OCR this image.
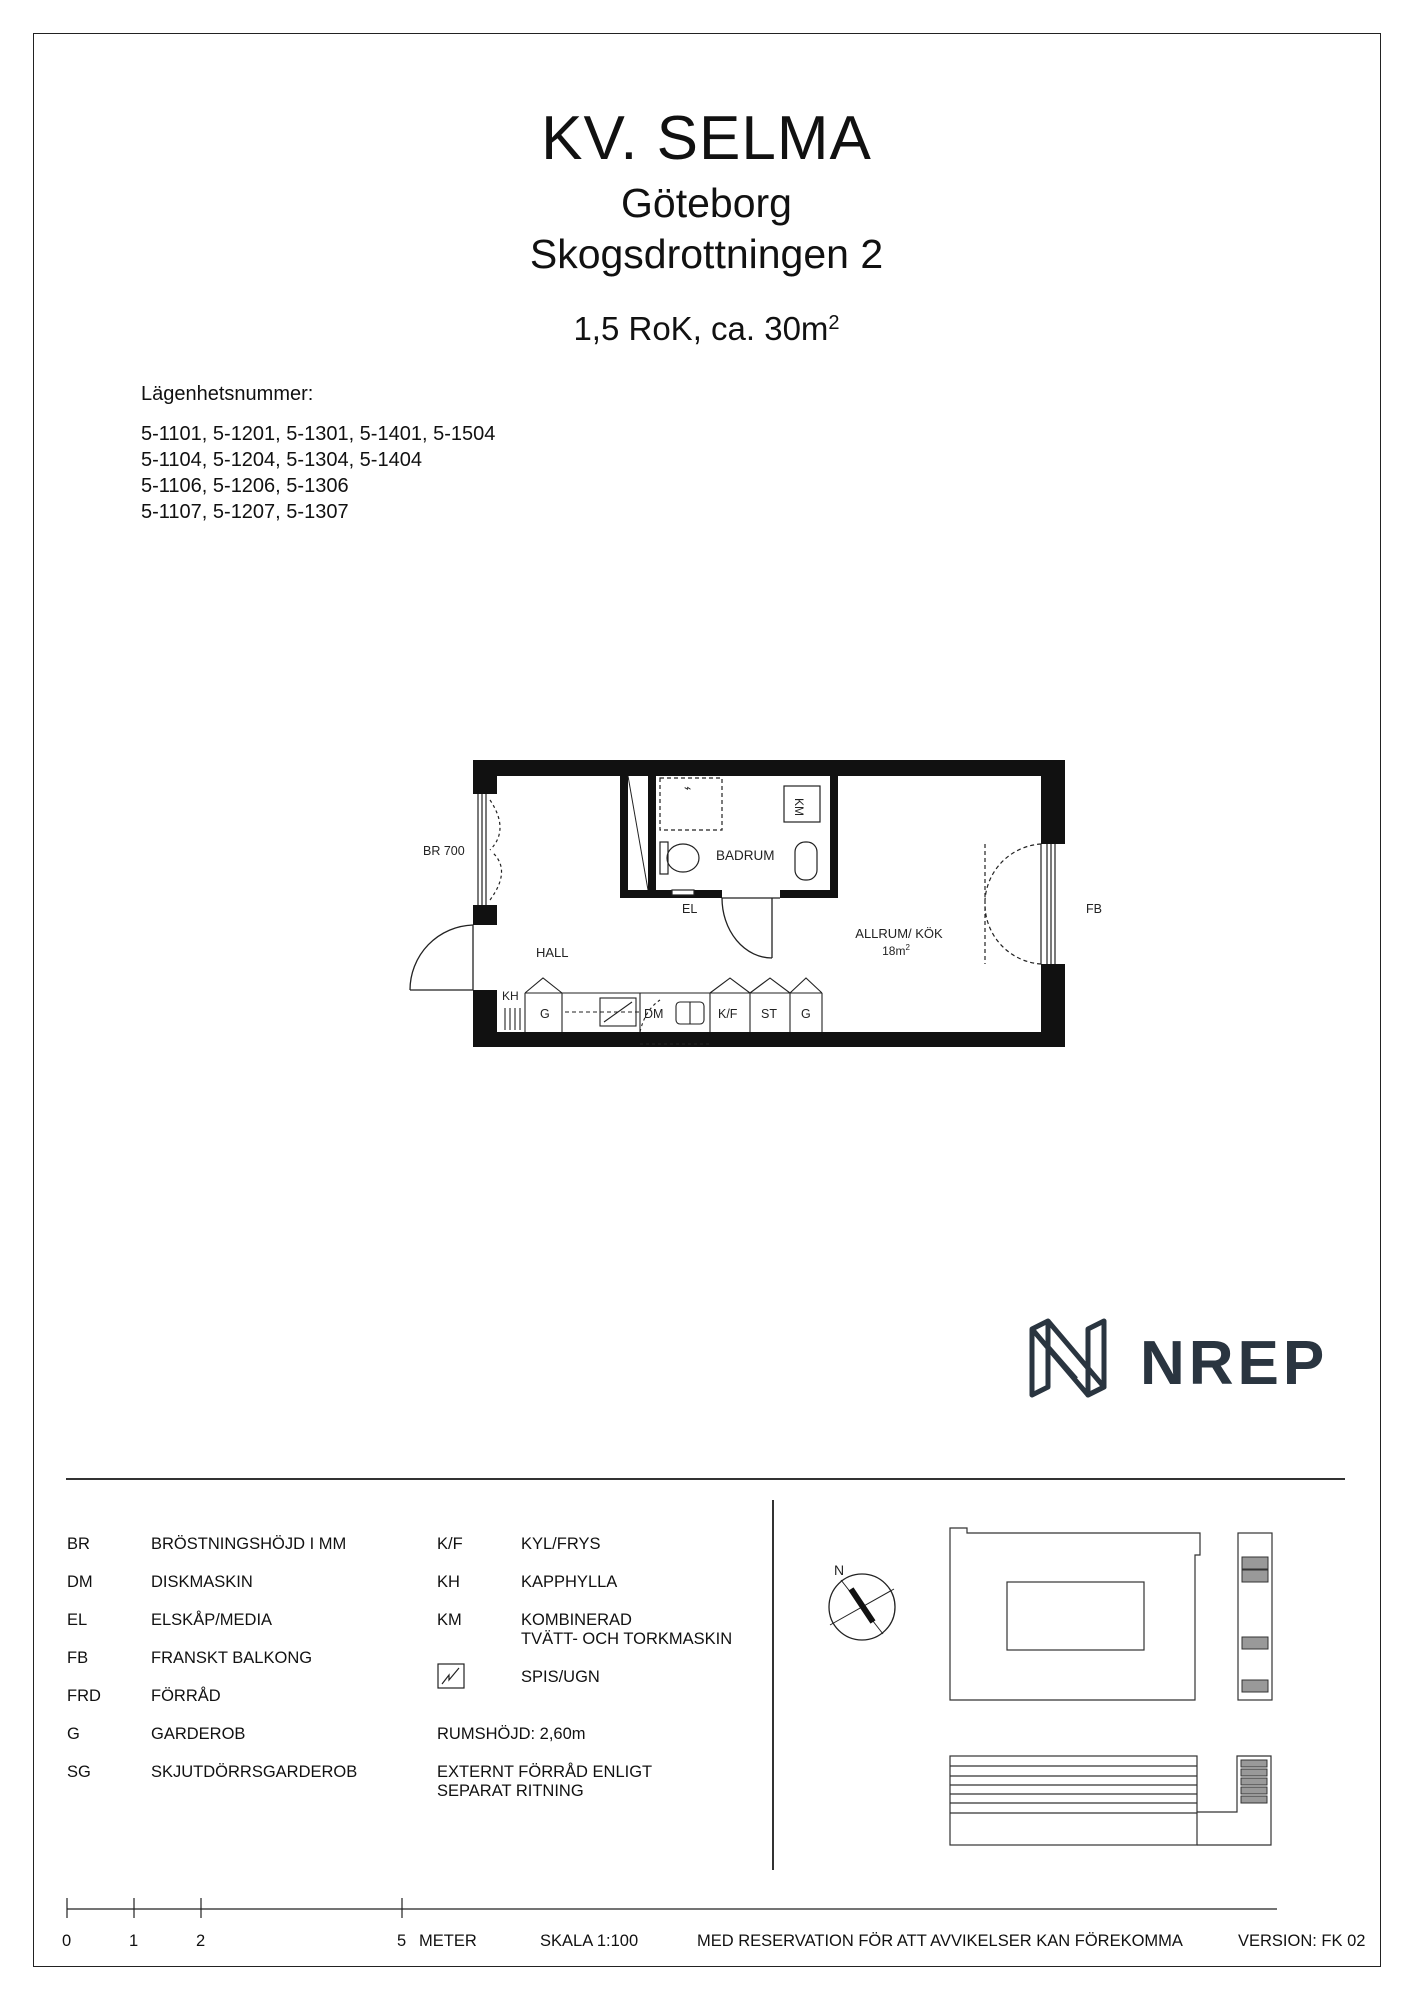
KV. SELMA
Göteborg
Skogsdrottningen 2
1,5 RoK, ca. $30m^2$
Lägenhetsnummer:
5-1101, 5-1201, 5-1301, 5-1401, 5-1504
5-1104, 5-1204, 5-1304, 5-1404
5-1106, 5-1206, 5-1306
5-1107, 5-1207, 5-1307
⌁
BR 700	BADRUM
KM
EL
HALL
ALLRUM/ KÖK
$18m^2$
FB
KH
G	DM	K/F ST G
NREP
BR	BRÖSTNINGSHÖJD I MM
DM	DISKMASKIN
EL	ELSKÅP/MEDIA
FB	FRANSKT BALKONG
FRD	FÖRRÅD
G	GARDEROB
SG	SKJUTDÖRRSGARDEROB
K/F	KYL/FRYS
KH	KAPPHYLLA
KM	KOMBINERAD
TVÄTT- OCH TORKMASKIN
SPIS/UGN
RUMSHÖJD: 2,60m
EXTERNT FÖRRÅD ENLIGT
SEPARAT RITNING
N
0	1	2	5 METER	SKALA 1:100	MED RESERVATION FÖR ATT AVVIKELSER KAN FÖREKOMMA	VERSION: FK 02
